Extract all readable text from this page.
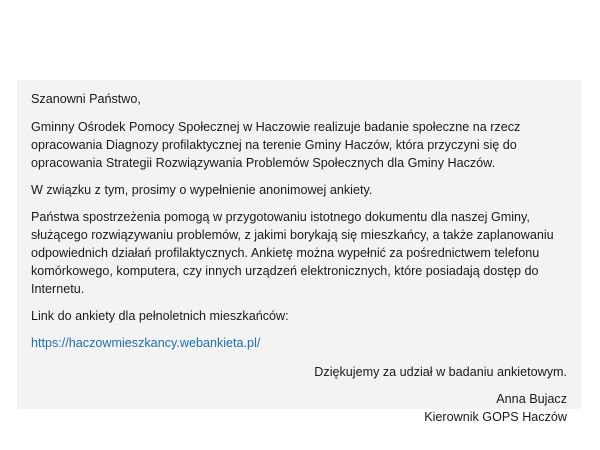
Szanowni Państwo,

Gminny Ośrodek Pomocy Społecznej w Haczowie realizuje badanie społeczne na rzecz opracowania Diagnozy profilaktycznej na terenie Gminy Haczów, która przyczyni się do opracowania Strategii Rozwiązywania Problemów Społecznych dla Gminy Haczów.

W związku z tym, prosimy o wypełnienie anonimowej ankiety.

Państwa spostrzeżenia pomogą w przygotowaniu istotnego dokumentu dla naszej Gminy, służącego rozwiązywaniu problemów, z jakimi borykają się mieszkańcy, a także zaplanowaniu odpowiednich działań profilaktycznych. Ankietę można wypełnić za pośrednictwem telefonu komórkowego, komputera, czy innych urządzeń elektronicznych, które posiadają dostęp do Internetu.

Link do ankiety dla pełnoletnich mieszkańców:

https://haczowmieszkancy.webankieta.pl/

Dziękujemy za udział w badaniu ankietowym.

Anna Bujacz

Kierownik GOPS Haczów
